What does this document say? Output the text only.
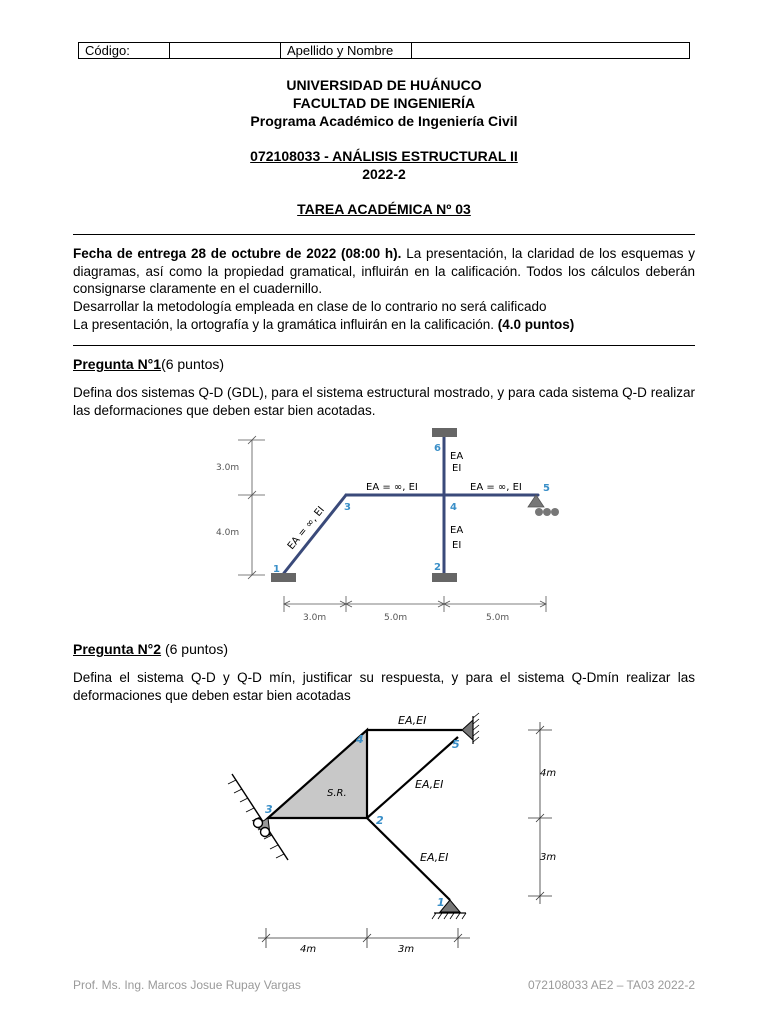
Código:		Apellido y Nombre	
UNIVERSIDAD DE HUÁNUCO
FACULTAD DE INGENIERÍA
Programa Académico de Ingeniería Civil
072108033 - ANÁLISIS ESTRUCTURAL II
2022-2
TAREA ACADÉMICA Nº 03
Fecha de entrega 28 de octubre de 2022 (08:00 h). La presentación, la claridad de los esquemas y diagramas, así como la propiedad gramatical, influirán en la calificación. Todos los cálculos deberán consignarse claramente en el cuadernillo.
Desarrollar la metodología empleada en clase de lo contrario no será calificado
La presentación, la ortografía y la gramática influirán en la calificación. (4.0 puntos)
Pregunta N°1(6 puntos)
Defina dos sistemas Q-D (GDL), para el sistema estructural mostrado, y para cada sistema Q-D realizar las deformaciones que deben estar bien acotadas.
3.0m
4.0m
3.0m	5.0m	5.0m
EA = ∞, EI	EA = ∞, EI
EA = ∞, EI
EA
EI
EA
EI
1	2
3	4
5
6
Pregunta N°2 (6 puntos)
Defina el sistema Q-D y Q-D mín, justificar su respuesta, y para el sistema Q-Dmín realizar las deformaciones que deben estar bien acotadas
4m
3m
4m	3m
S.R.
EA,EI
EA,EI
EA,EI
1
2
3
4	5
Prof. Ms. Ing. Marcos Josue Rupay Vargas	072108033 AE2 – TA03 2022-2
